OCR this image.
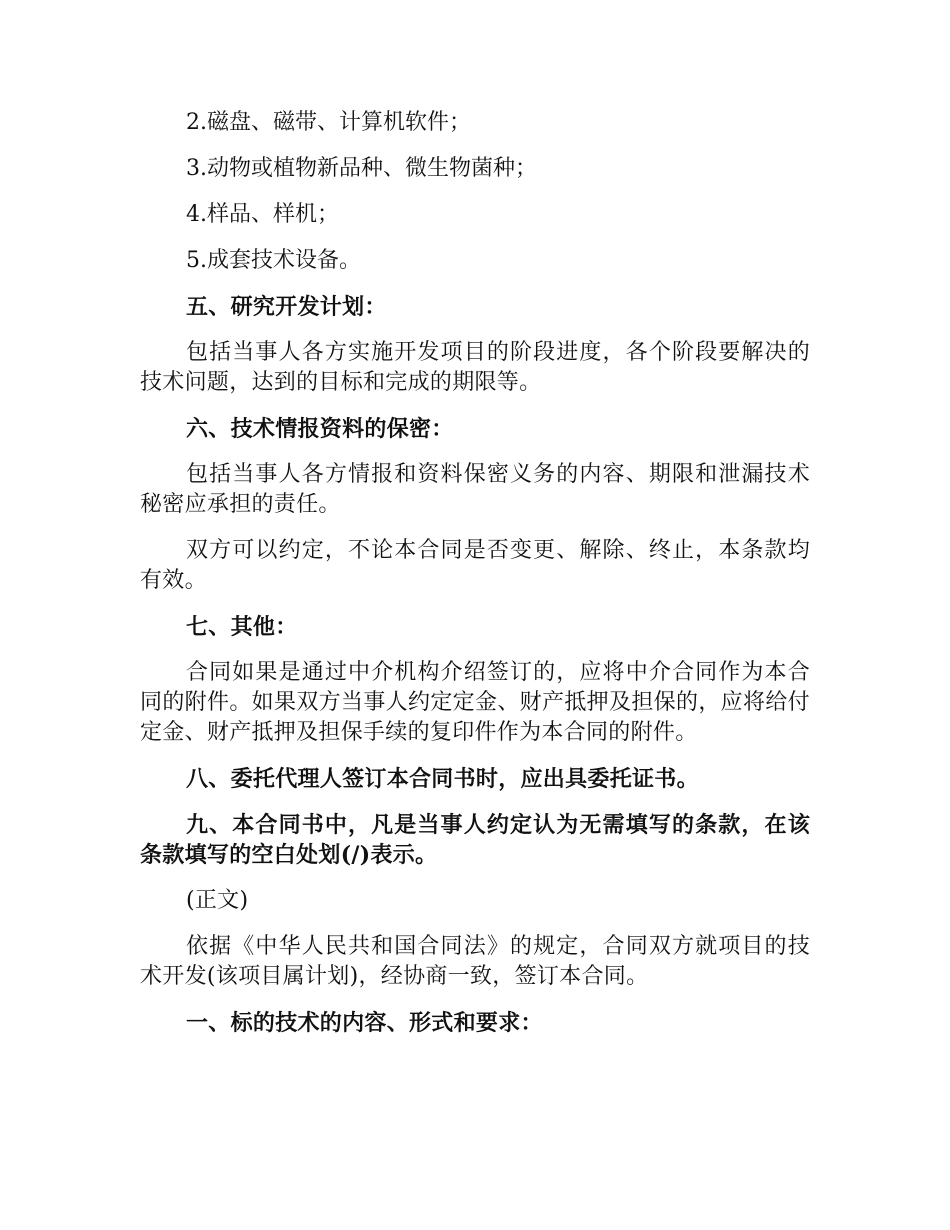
2.磁盘、磁带、计算机软件；

3.动物或植物新品种、微生物菌种；

4.样品、样机；

5.成套技术设备。

五、研究开发计划：

包括当事人各方实施开发项目的阶段进度，各个阶段要解决的技术问题，达到的目标和完成的期限等。

六、技术情报资料的保密：

包括当事人各方情报和资料保密义务的内容、期限和泄漏技术秘密应承担的责任。

双方可以约定，不论本合同是否变更、解除、终止，本条款均有效。

七、其他：

合同如果是通过中介机构介绍签订的，应将中介合同作为本合同的附件。如果双方当事人约定定金、财产抵押及担保的，应将给付定金、财产抵押及担保手续的复印件作为本合同的附件。

八、委托代理人签订本合同书时，应出具委托证书。

九、本合同书中，凡是当事人约定认为无需填写的条款，在该条款填写的空白处划(/)表示。

(正文)

依据《中华人民共和国合同法》的规定，合同双方就项目的技术开发(该项目属计划)，经协商一致，签订本合同。

一、标的技术的内容、形式和要求：
